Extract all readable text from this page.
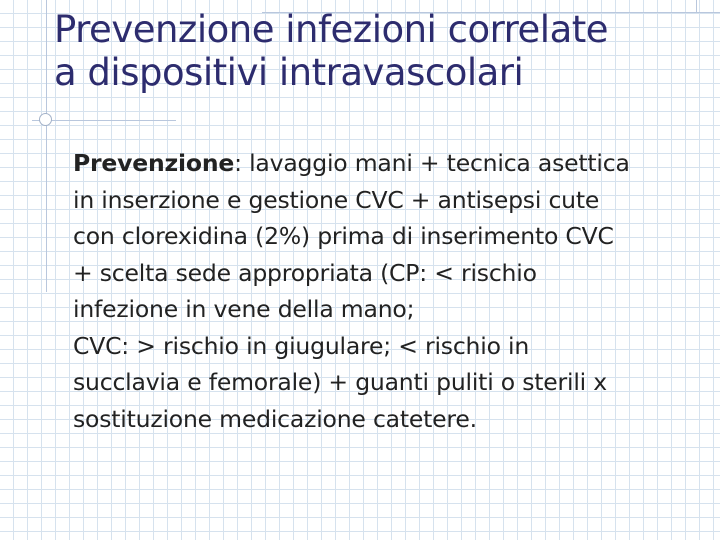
Prevenzione infezioni correlate
a dispositivi intravascolari
Prevenzione: lavaggio mani + tecnica asettica
in inserzione e gestione CVC + antisepsi cute
con clorexidina (2%) prima di inserimento CVC
+ scelta sede appropriata (CP: < rischio
infezione in vene della mano;
CVC: > rischio in giugulare; < rischio in
succlavia e femorale) + guanti puliti o sterili x
sostituzione medicazione catetere.
